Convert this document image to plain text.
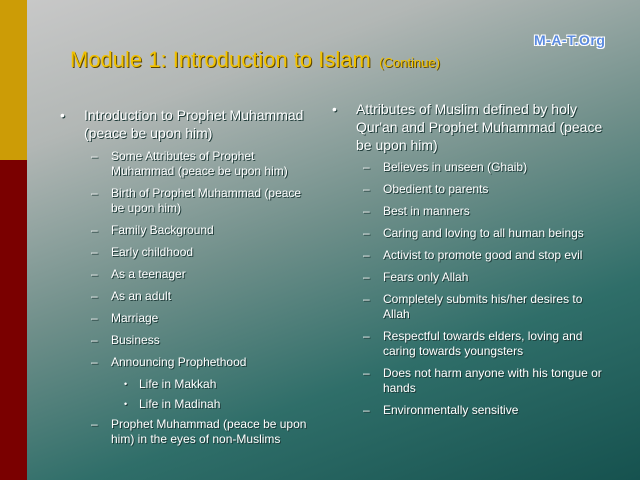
M-A-T.Org
Module 1: Introduction to Islam (Continue)
• Introduction to Prophet Muhammad (peace be upon him)
– Some Attributes of Prophet Muhammad (peace be upon him)
– Birth of Prophet Muhammad (peace be upon him)
– Family Background
– Early childhood
– As a teenager
– As an adult
– Marriage
– Business
– Announcing Prophethood
• Life in Makkah
• Life in Madinah
– Prophet Muhammad (peace be upon him) in the eyes of non-Muslims
• Attributes of Muslim defined by holy Qur'an and Prophet Muhammad (peace be upon him)
– Believes in unseen (Ghaib)
– Obedient to parents
– Best in manners
– Caring and loving to all human beings
– Activist to promote good and stop evil
– Fears only Allah
– Completely submits his/her desires to Allah
– Respectful towards elders, loving and caring towards youngsters
– Does not harm anyone with his tongue or hands
– Environmentally sensitive
